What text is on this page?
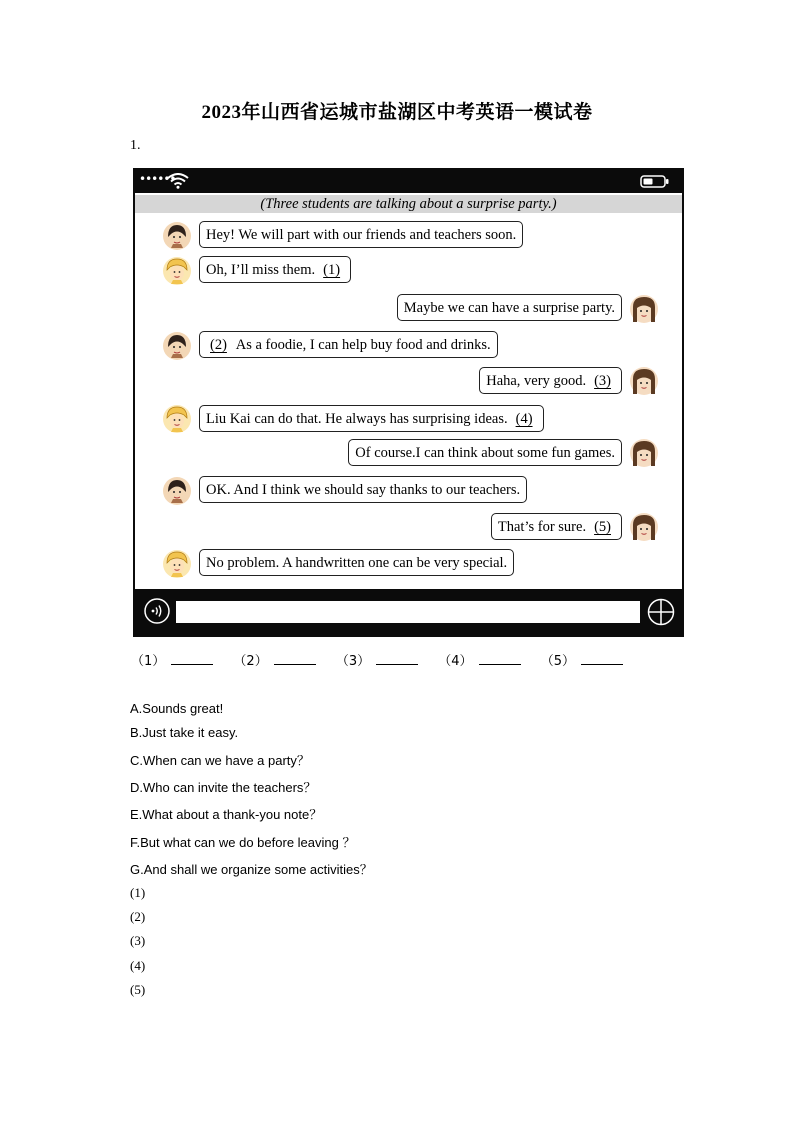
2023年山西省运城市盐湖区中考英语一模试卷
1.
••••••
(Three students are talking about a surprise party.)
Hey! We will part with our friends and teachers soon.
Oh, I’ll miss them. (1)
Maybe we can have a surprise party.
(2) As a foodie, I can help buy food and drinks.
Haha, very good. (3)
Liu Kai can do that. He always has surprising ideas. (4)
Of course.I can think about some fun games.
OK. And I think we should say thanks to our teachers.
That’s for sure. (5)
No problem. A handwritten one can be very special.
（1）	（2）	（3）	（4）	（5）
A.Sounds great!
B.Just take it easy.
C.When can we have a party？
D.Who can invite the teachers？
E.What about a thank-you note？
F.But what can we do before leaving ？
G.And shall we organize some activities？
(1)
(2)
(3)
(4)
(5)
